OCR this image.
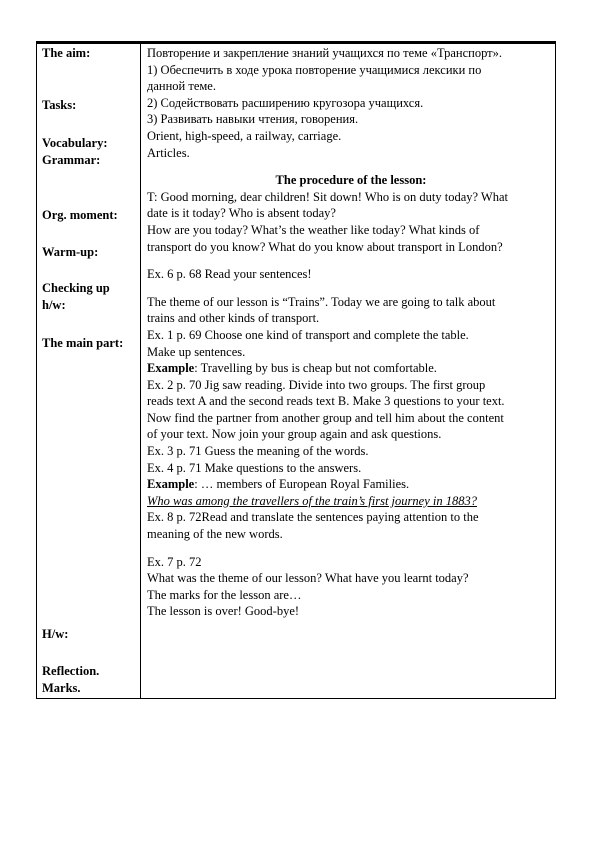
The aim:
Tasks:
Vocabulary:
Grammar:
Org. moment:
Warm-up:
Checking up
h/w:
The main part:
H/w:
Reflection.
Marks.

Повторение и закрепление знаний учащихся по теме «Транспорт».

1) Обеспечить в ходе урока повторение учащимися лексики по

данной теме.

2) Содействовать расширению кругозора учащихся.

3) Развивать навыки чтения, говорения.

Orient, high-speed, a railway, carriage.

Articles.

The procedure of the lesson:

T: Good morning, dear children! Sit down! Who is on duty today? What

date is it today? Who is absent today?

How are you today? What’s the weather like today? What kinds of

transport do you know? What do you know about transport in London?

Ex. 6 p. 68 Read your sentences!

The theme of our lesson is “Trains”. Today we are going to talk about

trains and other kinds of transport.

Ex. 1 p. 69 Choose one kind of transport and complete the table.

Make up sentences.

Example: Travelling by bus is cheap but not comfortable.

Ex. 2 p. 70 Jig saw reading. Divide into two groups. The first group

reads text A and the second reads text B. Make 3 questions to your text.

Now find the partner from another group and tell him about the content

of your text. Now join your group again and ask questions.

Ex. 3 p. 71 Guess the meaning of the words.

Ex. 4 p. 71 Make questions to the answers.

Example: … members of European Royal Families.

Who was among the travellers of the train’s first journey in 1883?

Ex. 8 p. 72Read and translate the sentences paying attention to the

meaning of the new words.

Ex. 7 p. 72

What was the theme of our lesson? What have you learnt today?

The marks for the lesson are…

The lesson is over! Good-bye!
